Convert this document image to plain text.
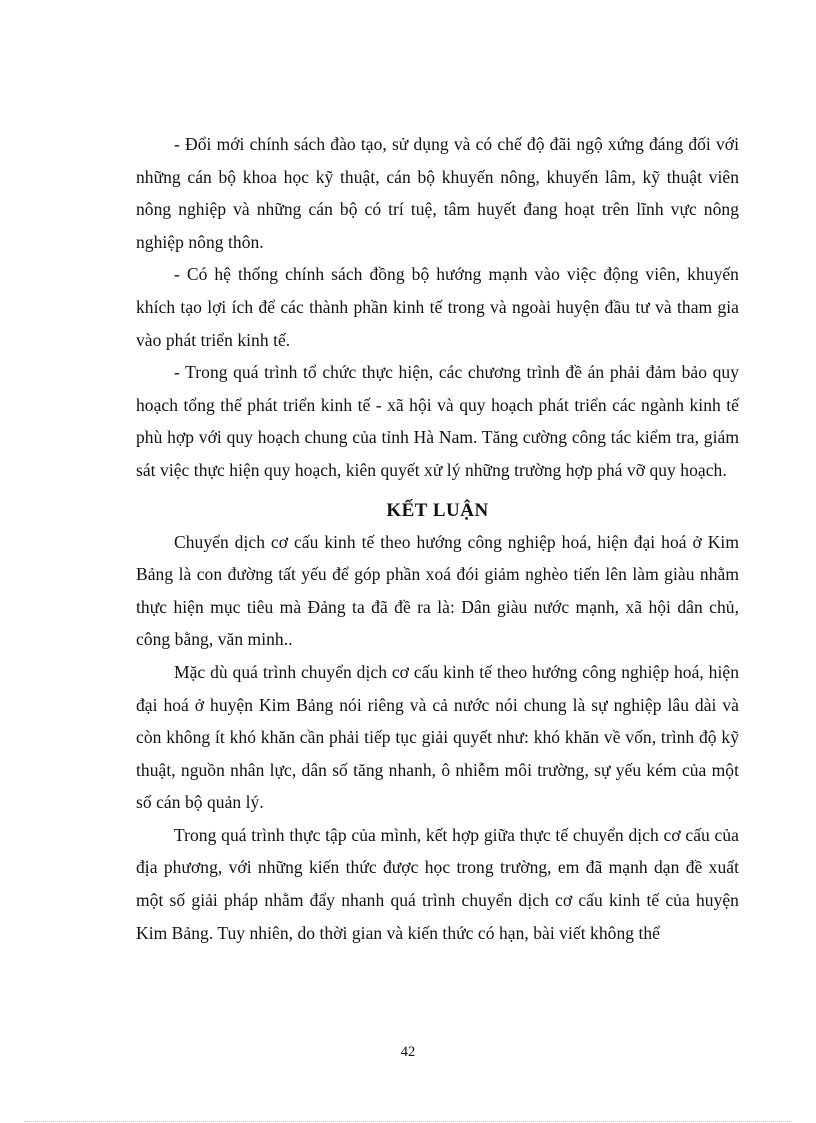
- Đổi mới chính sách đào tạo, sử dụng và có chế độ đãi ngộ xứng đáng đối với những cán bộ khoa học kỹ thuật, cán bộ khuyến nông, khuyến lâm, kỹ thuật viên nông nghiệp và những cán bộ có trí tuệ, tâm huyết đang hoạt trên lĩnh vực nông nghiệp nông thôn.

- Có hệ thống chính sách đồng bộ hướng mạnh vào việc động viên, khuyến khích tạo lợi ích để các thành phần kinh tế trong và ngoài huyện đầu tư và tham gia vào phát triển kinh tế.

- Trong quá trình tổ chức thực hiện, các chương trình đề án phải đảm bảo quy hoạch tổng thể phát triển kinh tế - xã hội và quy hoạch phát triển các ngành kinh tế phù hợp với quy hoạch chung của tỉnh Hà Nam. Tăng cường công tác kiểm tra, giám sát việc thực hiện quy hoạch, kiên quyết xử lý những trường hợp phá vỡ quy hoạch.

KẾT LUẬN

Chuyển dịch cơ cấu kinh tế theo hướng công nghiệp hoá, hiện đại hoá ở Kim Bảng là con đường tất yếu để góp phần xoá đói giảm nghèo tiến lên làm giàu nhằm thực hiện mục tiêu mà Đảng ta đã đề ra là: Dân giàu nước mạnh, xã hội dân chủ, công bằng, văn minh..

Mặc dù quá trình chuyển dịch cơ cấu kinh tế theo hướng công nghiệp hoá, hiện đại hoá ở huyện Kim Bảng nói riêng và cả nước nói chung là sự nghiệp lâu dài và còn không ít khó khăn cần phải tiếp tục giải quyết như: khó khăn về vốn, trình độ kỹ thuật, nguồn nhân lực, dân số tăng nhanh, ô nhiễm môi trường, sự yếu kém của một số cán bộ quản lý.

Trong quá trình thực tập của mình, kết hợp giữa thực tế chuyển dịch cơ cấu của địa phương, với những kiến thức được học trong trường, em đã mạnh dạn đề xuất một số giải pháp nhằm đẩy nhanh quá trình chuyển dịch cơ cấu kinh tế của huyện Kim Bảng. Tuy nhiên, do thời gian và kiến thức có hạn, bài viết không thể

42
